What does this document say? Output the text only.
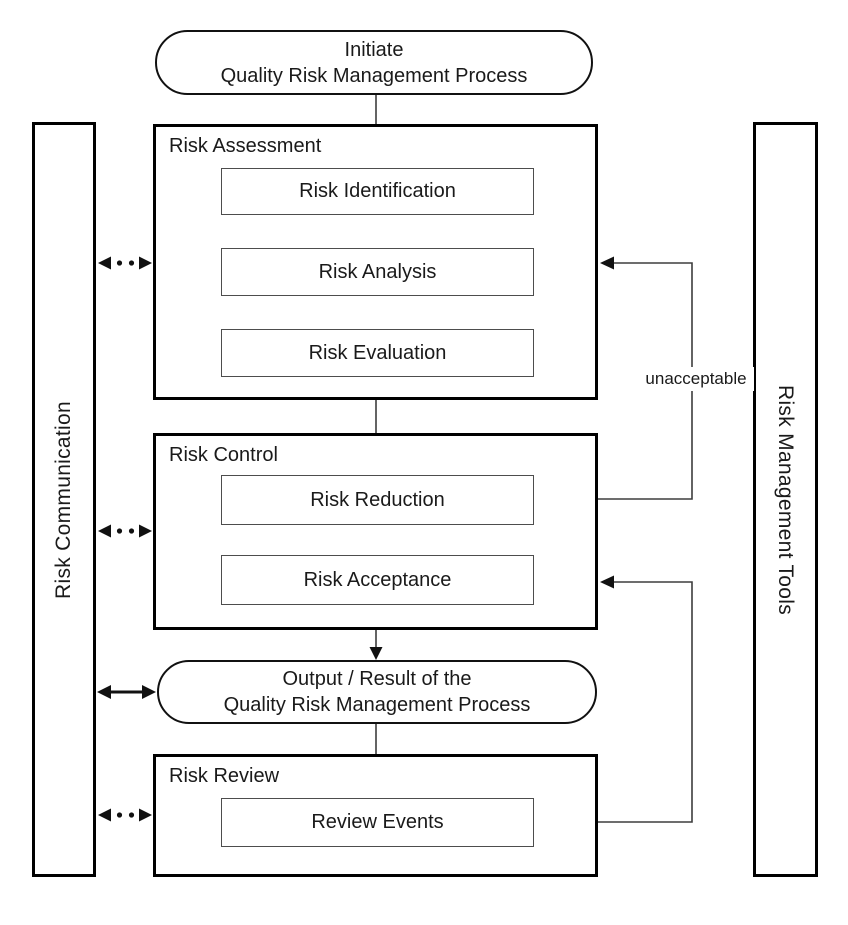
Risk Communication	Risk Management Tools
Initiate
Quality Risk Management Process
Risk Assessment
Risk Identification
Risk Analysis
Risk Evaluation
Risk Control
Risk Reduction
Risk Acceptance
Output / Result of the
Quality Risk Management Process
Risk Review
Review Events
unacceptable
